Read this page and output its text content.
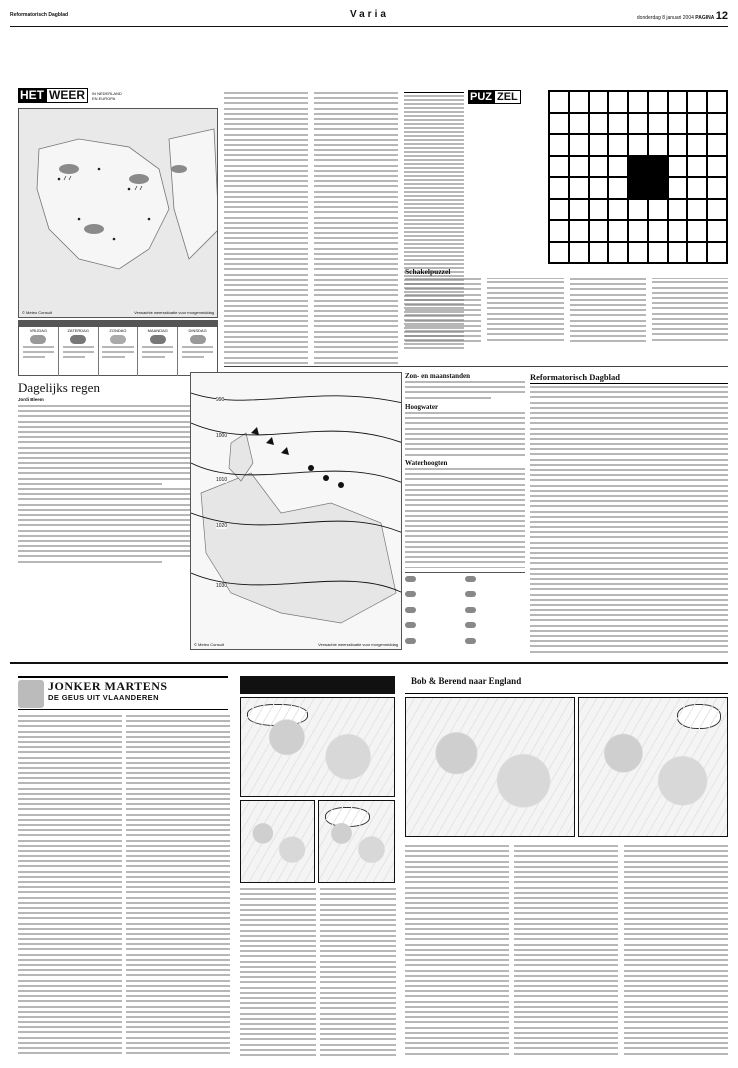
Reformatorisch Dagblad	Varia	donderdag 8 januari 2004 PAGINA 12
HET WEER	IN NEDERLAND
EN EUROPA
© Meteo Consult	Verwachte weerssituatie voor morgenmiddag
VRIJDAG	ZATERDAG	ZONDAG	MAANDAG	DINSDAG
Dagelijks regen
Jordi Bleem
PUZ ZEL
Schakelpuzzel
990
1000
1010
1020
1030
© Meteo Consult	Verwachte weerssituatie voor morgenmiddag
Zon- en maanstanden
Hoogwater
Waterhoogten
Reformatorisch Dagblad
JONKER MARTENS
DE GEUS UIT VLAANDEREN
Bob & Berend naar England
